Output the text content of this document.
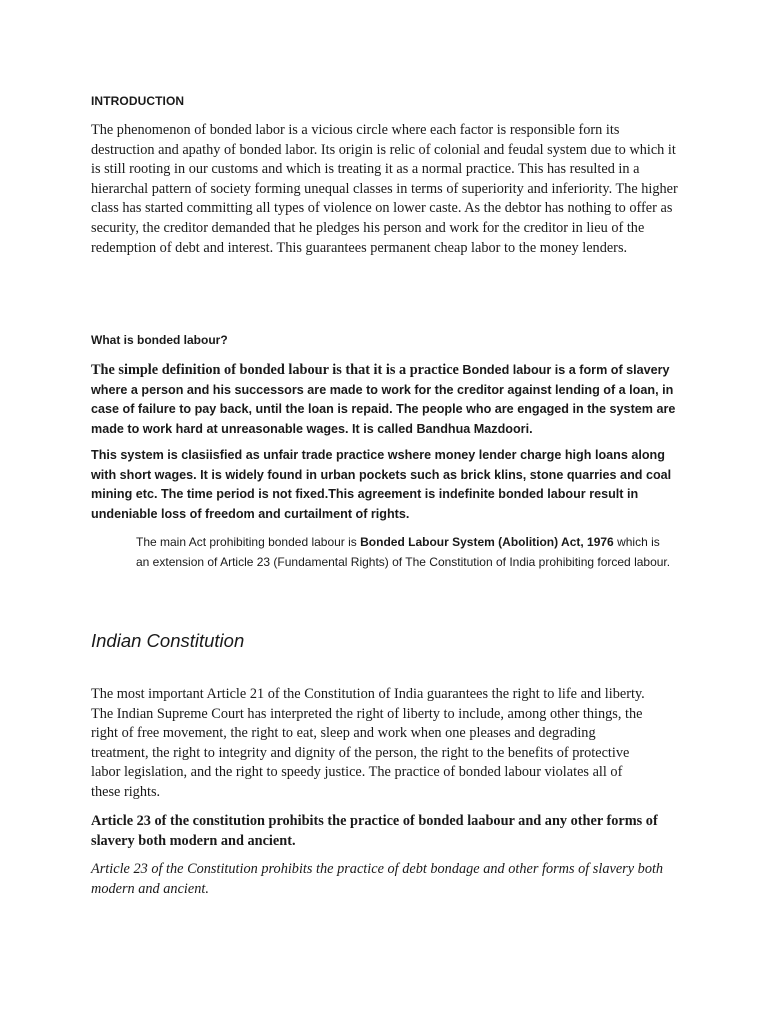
INTRODUCTION

The phenomenon of bonded labor is a vicious circle where each factor is responsible forn its destruction and apathy of bonded labor. Its origin is relic of colonial and feudal system due to which it is still rooting in our customs and which is treating it as a normal practice. This has resulted in a hierarchal pattern of society forming unequal classes in terms of superiority and inferiority. The higher class has started committing all types of violence on lower caste. As the debtor has nothing to offer as security, the creditor demanded that he pledges his person and work for the creditor in lieu of the redemption of debt and interest. This guarantees permanent cheap labor to the money lenders.

What is bonded labour?

The simple definition of bonded labour is that it is a practice Bonded labour is a form of slavery where a person and his successors are made to work for the creditor against lending of a loan, in case of failure to pay back, until the loan is repaid. The people who are engaged in the system are made to work hard at unreasonable wages. It is called Bandhua Mazdoori.

This system is clasiisfied as unfair trade practice wshere money lender charge high loans along with short wages. It is widely found in urban pockets such as brick klins, stone quarries and coal mining etc. The time period is not fixed.This agreement is indefinite bonded labour result in undeniable loss of freedom and curtailment of rights.

The main Act prohibiting bonded labour is Bonded Labour System (Abolition) Act, 1976 which is an extension of Article 23 (Fundamental Rights) of The Constitution of India prohibiting forced labour.

Indian Constitution

The most important Article 21 of the Constitution of India guarantees the right to life and liberty. The Indian Supreme Court has interpreted the right of liberty to include, among other things, the right of free movement, the right to eat, sleep and work when one pleases and degrading treatment, the right to integrity and dignity of the person, the right to the benefits of protective labor legislation, and the right to speedy justice. The practice of bonded labour violates all of these rights.

Article 23 of the constitution prohibits the practice of bonded laabour and any other forms of slavery both modern and ancient.

Article 23 of the Constitution prohibits the practice of debt bondage and other forms of slavery both modern and ancient.
